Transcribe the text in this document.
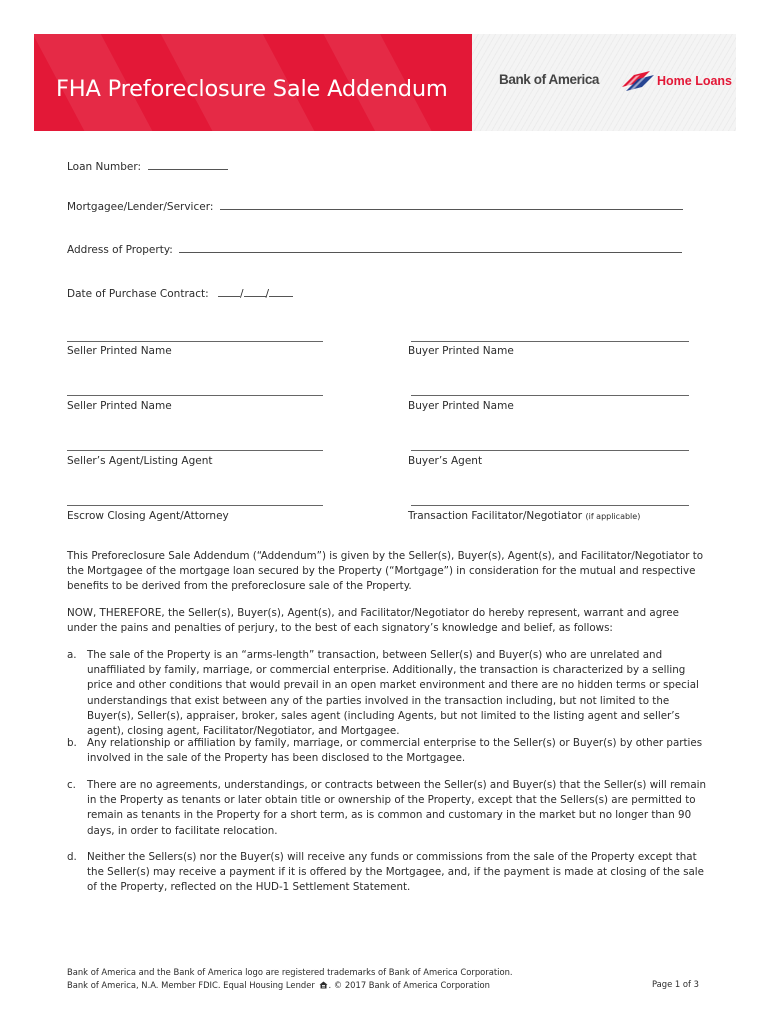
FHA Preforeclosure Sale Addendum	Bank of America	Home Loans
Loan Number:
Mortgagee/Lender/Servicer:
Address of Property:
Date of Purchase Contract:	/ /
Seller Printed Name	Buyer Printed Name
Seller Printed Name	Buyer Printed Name
Seller’s Agent/Listing Agent	Buyer’s Agent
Escrow Closing Agent/Attorney	Transaction Facilitator/Negotiator (if applicable)

This Preforeclosure Sale Addendum (“Addendum”) is given by the Seller(s), Buyer(s), Agent(s), and Facilitator/Negotiator to the Mortgagee of the mortgage loan secured by the Property (“Mortgage”) in consideration for the mutual and respective benefits to be derived from the preforeclosure sale of the Property.

NOW, THEREFORE, the Seller(s), Buyer(s), Agent(s), and Facilitator/Negotiator do hereby represent, warrant and agree under the pains and penalties of perjury, to the best of each signatory’s knowledge and belief, as follows:

a. The sale of the Property is an “arms-length” transaction, between Seller(s) and Buyer(s) who are unrelated and unaffiliated by family, marriage, or commercial enterprise. Additionally, the transaction is characterized by a selling price and other conditions that would prevail in an open market environment and there are no hidden terms or special understandings that exist between any of the parties involved in the transaction including, but not limited to the Buyer(s), Seller(s), appraiser, broker, sales agent (including Agents, but not limited to the listing agent and seller’s agent), closing agent, Facilitator/Negotiator, and Mortgagee.
b. Any relationship or affiliation by family, marriage, or commercial enterprise to the Seller(s) or Buyer(s) by other parties involved in the sale of the Property has been disclosed to the Mortgagee.
c. There are no agreements, understandings, or contracts between the Seller(s) and Buyer(s) that the Seller(s) will remain in the Property as tenants or later obtain title or ownership of the Property, except that the Sellers(s) are permitted to remain as tenants in the Property for a short term, as is common and customary in the market but no longer than 90 days, in order to facilitate relocation.
d. Neither the Sellers(s) nor the Buyer(s) will receive any funds or commissions from the sale of the Property except that the Seller(s) may receive a payment if it is offered by the Mortgagee, and, if the payment is made at closing of the sale of the Property, reflected on the HUD-1 Settlement Statement.
Bank of America and the Bank of America logo are registered trademarks of Bank of America Corporation.
Bank of America, N.A. Member FDIC. Equal Housing Lender . © 2017 Bank of America Corporation	Page 1 of 3
